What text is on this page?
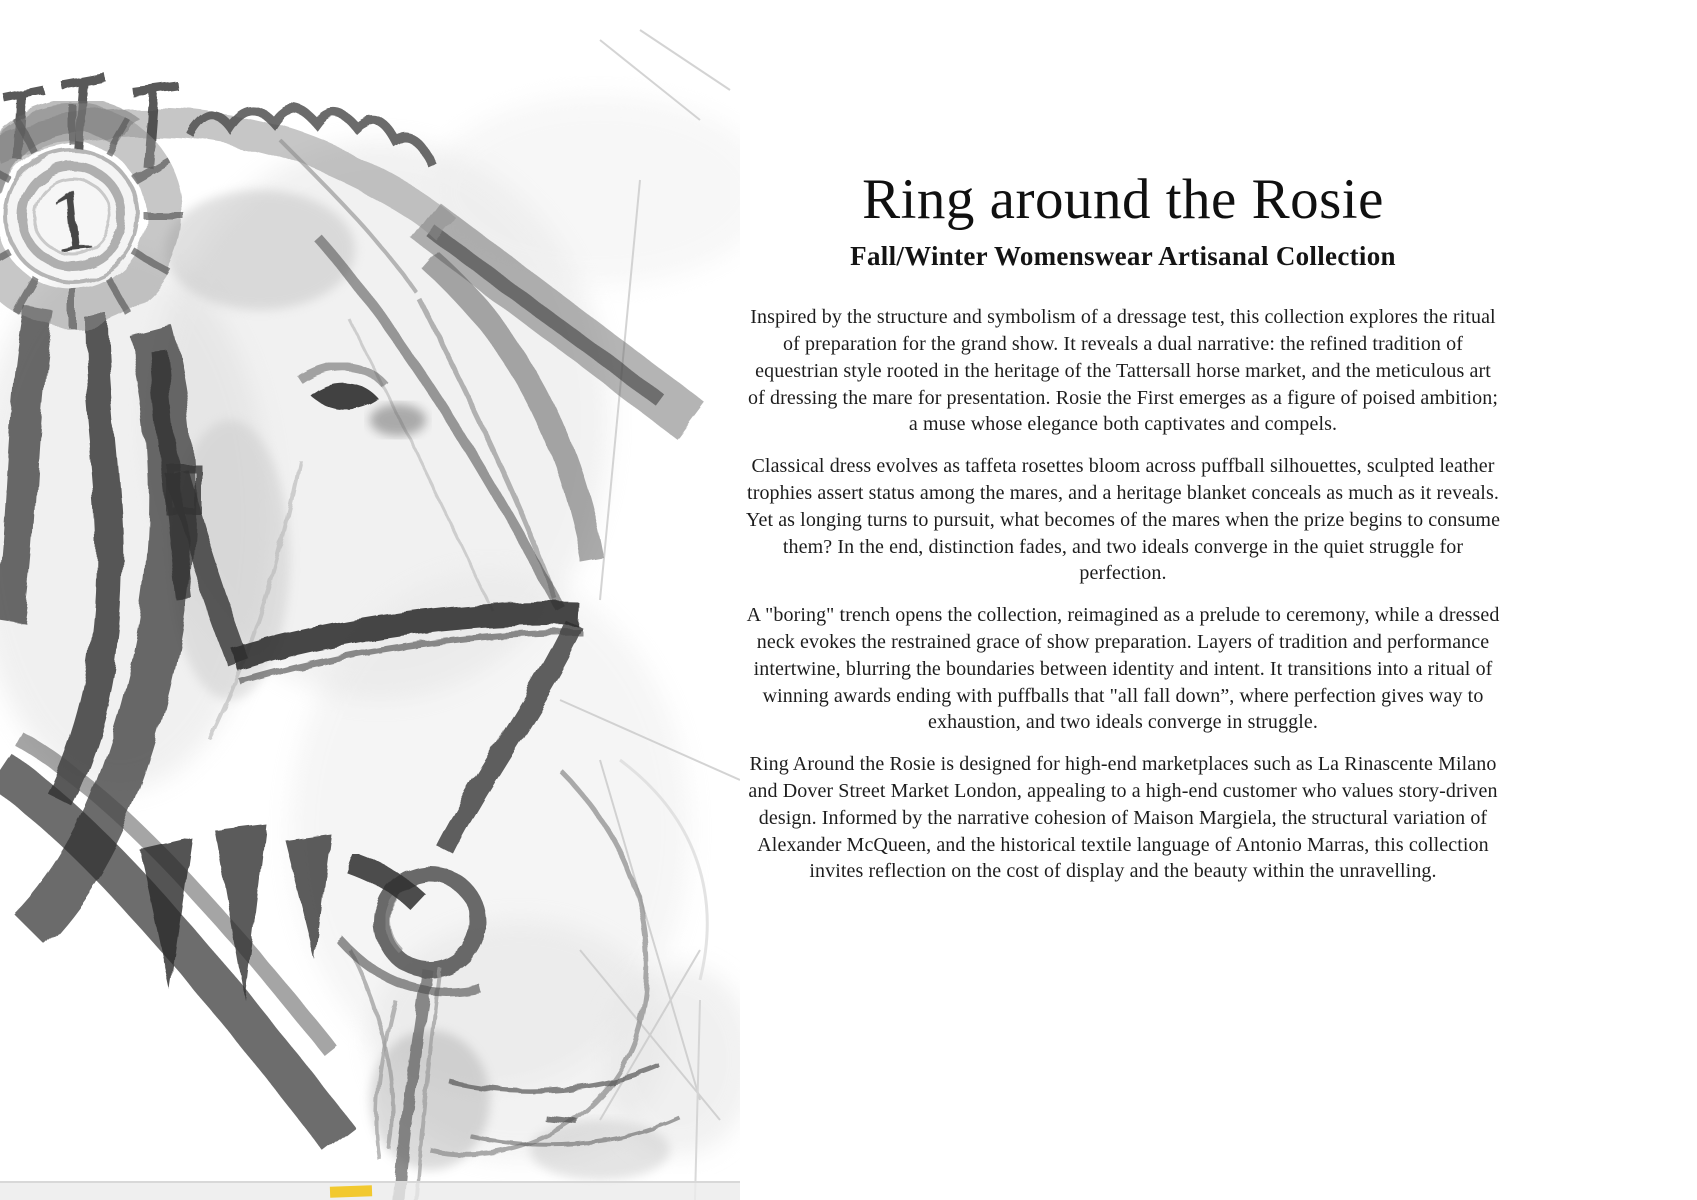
1	Ring around the Rosie
Fall/Winter Womenswear Artisanal Collection

Inspired by the structure and symbolism of a dressage test, this collection explores the ritual of preparation for the grand show. It reveals a dual narrative: the refined tradition of equestrian style rooted in the heritage of the Tattersall horse market, and the meticulous art of dressing the mare for presentation. Rosie the First emerges as a figure of poised ambition; a muse whose elegance both captivates and compels.

Classical dress evolves as taffeta rosettes bloom across puffball silhouettes, sculpted leather trophies assert status among the mares, and a heritage blanket conceals as much as it reveals. Yet as longing turns to pursuit, what becomes of the mares when the prize begins to consume them? In the end, distinction fades, and two ideals converge in the quiet struggle for perfection.

A "boring" trench opens the collection, reimagined as a prelude to ceremony, while a dressed neck evokes the restrained grace of show preparation. Layers of tradition and performance intertwine, blurring the boundaries between identity and intent. It transitions into a ritual of winning awards ending with puffballs that "all fall down”, where perfection gives way to exhaustion, and two ideals converge in struggle.

Ring Around the Rosie is designed for high-end marketplaces such as La Rinascente Milano and Dover Street Market London, appealing to a high-end customer who values story-driven design. Informed by the narrative cohesion of Maison Margiela, the structural variation of Alexander McQueen, and the historical textile language of Antonio Marras, this collection invites reflection on the cost of display and the beauty within the unravelling.
